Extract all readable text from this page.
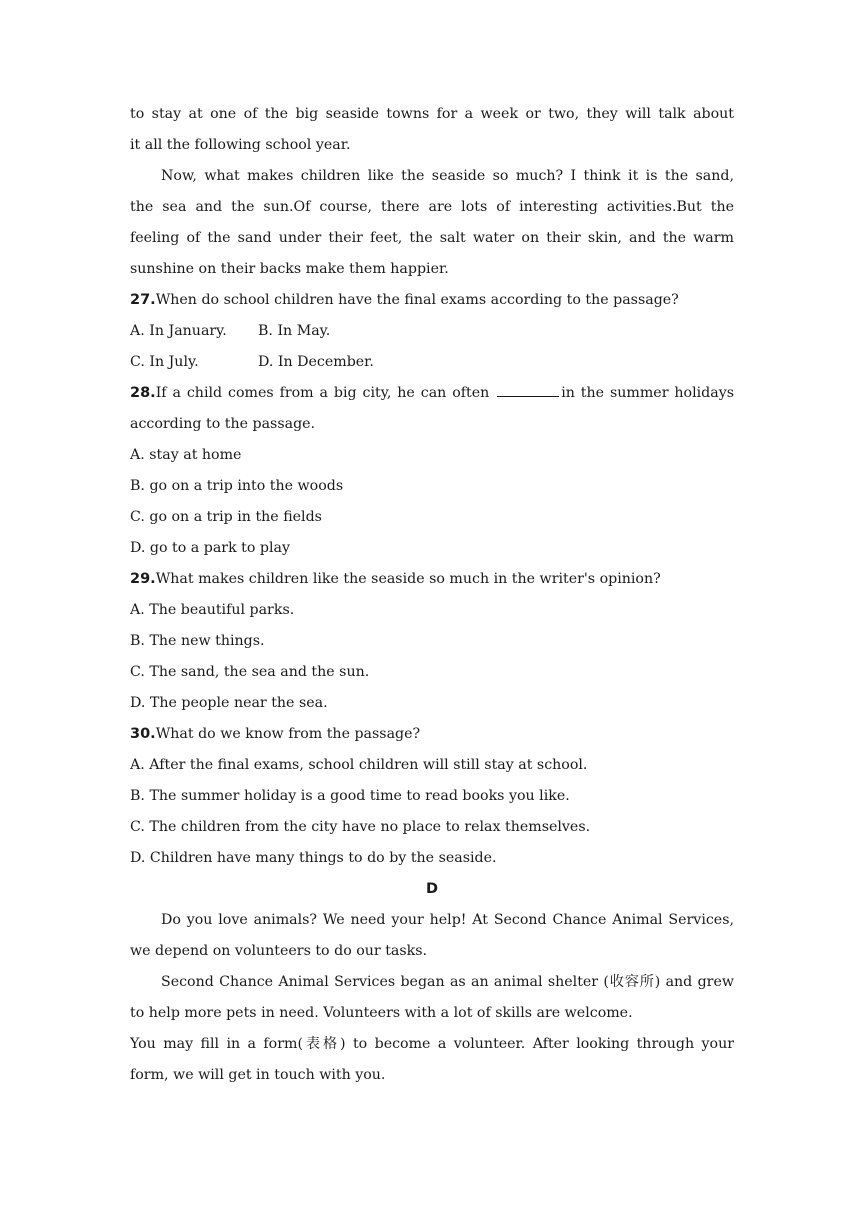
to stay at one of the big seaside towns for a week or two, they will talk about
it all the following school year.
Now, what makes children like the seaside so much? I think it is the sand,
the sea and the sun.Of course, there are lots of interesting activities.But the
feeling of the sand under their feet, the salt water on their skin, and the warm
sunshine on their backs make them happier.
27.When do school children have the final exams according to the passage?
A. In January.	B. In May.
C. In July.	D. In December.
28.If a child comes from a big city, he can often	in the summer holidays
according to the passage.
A. stay at home
B. go on a trip into the woods
C. go on a trip in the fields
D. go to a park to play
29.What makes children like the seaside so much in the writer's opinion?
A. The beautiful parks.
B. The new things.
C. The sand, the sea and the sun.
D. The people near the sea.
30.What do we know from the passage?
A. After the final exams, school children will still stay at school.
B. The summer holiday is a good time to read books you like.
C. The children from the city have no place to relax themselves.
D. Children have many things to do by the seaside.
D
Do you love animals? We need your help! At Second Chance Animal Services,
we depend on volunteers to do our tasks.
Second Chance Animal Services began as an animal shelter (收容所) and grew
to help more pets in need. Volunteers with a lot of skills are welcome.
You may fill in a form(表格) to become a volunteer. After looking through your
form, we will get in touch with you.
